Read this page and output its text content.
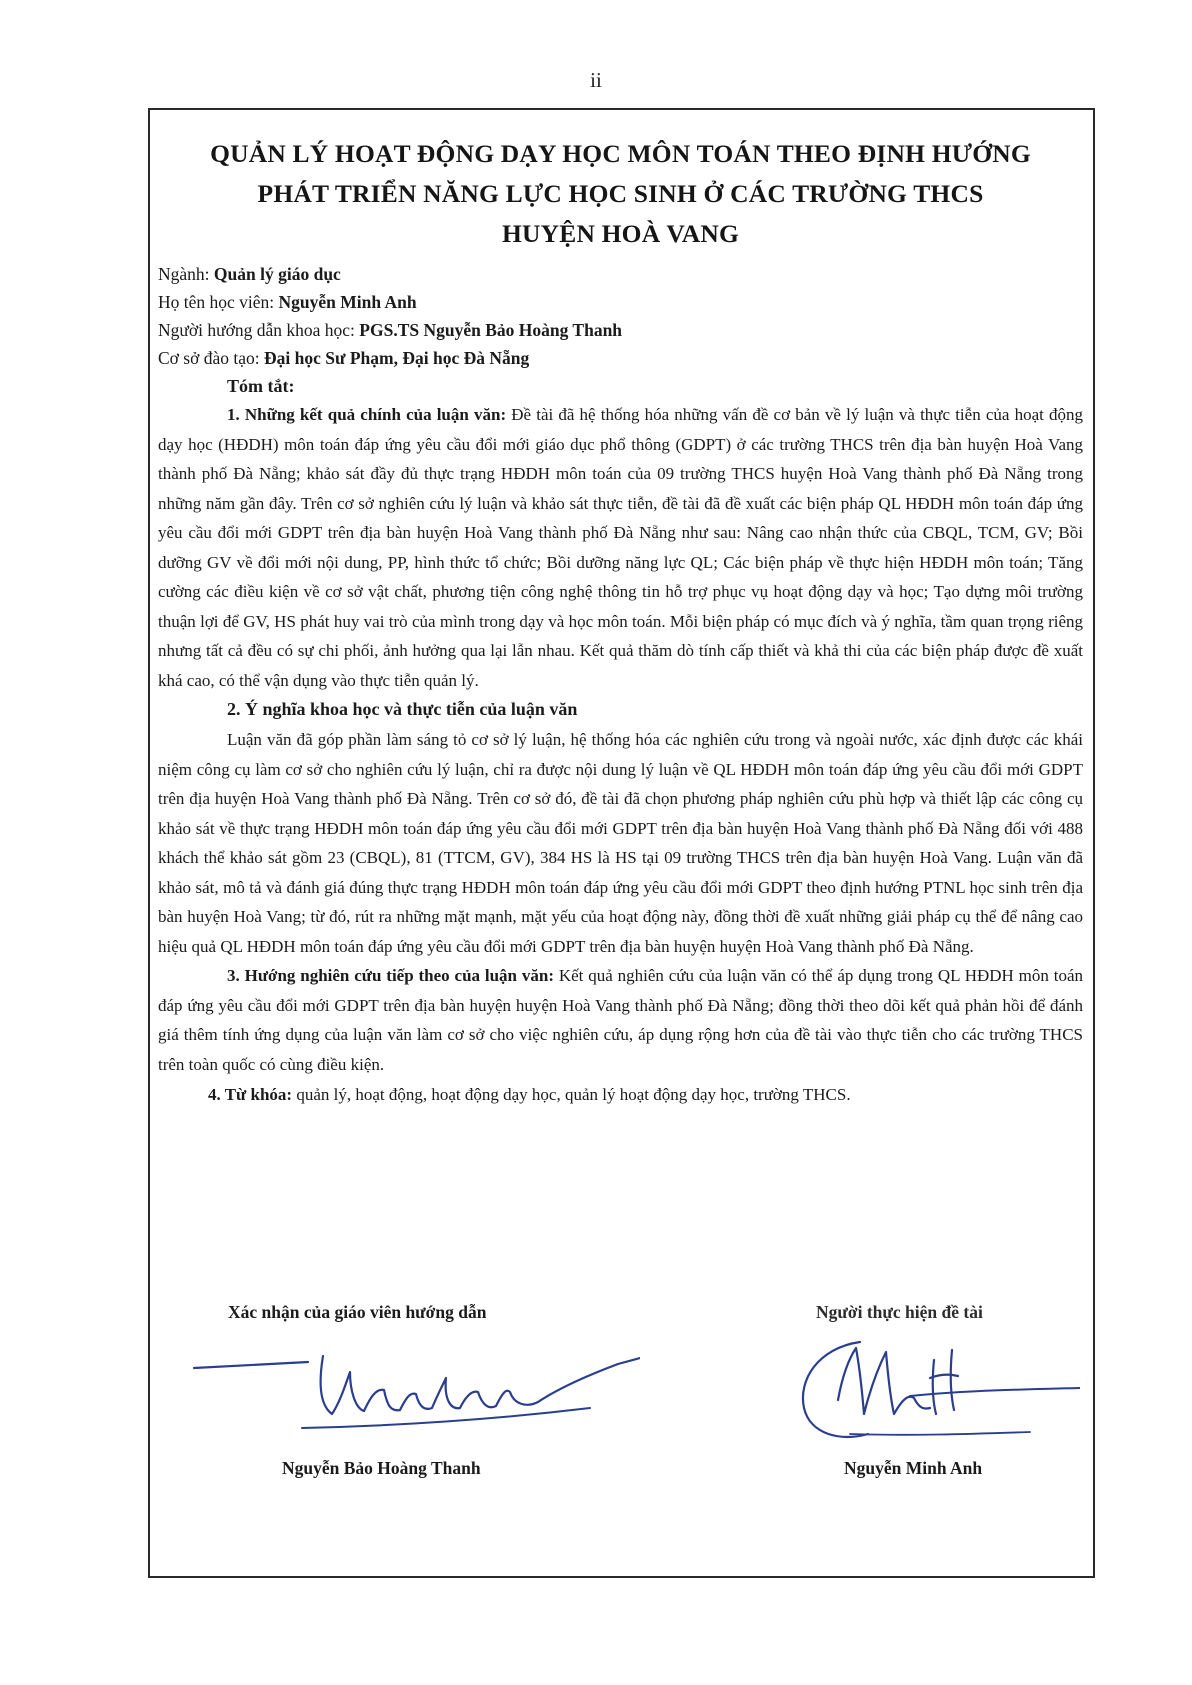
ii
QUẢN LÝ HOẠT ĐỘNG DẠY HỌC MÔN TOÁN THEO ĐỊNH HƯỚNG
PHÁT TRIỂN NĂNG LỰC HỌC SINH Ở CÁC TRƯỜNG THCS
HUYỆN HOÀ VANG
Ngành: Quản lý giáo dục
Họ tên học viên: Nguyễn Minh Anh
Người hướng dẫn khoa học: PGS.TS Nguyễn Bảo Hoàng Thanh
Cơ sở đào tạo: Đại học Sư Phạm, Đại học Đà Nẵng
Tóm tắt:

1. Những kết quả chính của luận văn: Đề tài đã hệ thống hóa những vấn đề cơ bản về lý luận và thực tiễn của hoạt động dạy học (HĐDH) môn toán đáp ứng yêu cầu đổi mới giáo dục phổ thông (GDPT) ở các trường THCS trên địa bàn huyện Hoà Vang thành phố Đà Nẵng; khảo sát đầy đủ thực trạng HĐDH môn toán của 09 trường THCS huyện Hoà Vang thành phố Đà Nẵng trong những năm gần đây. Trên cơ sở nghiên cứu lý luận và khảo sát thực tiễn, đề tài đã đề xuất các biện pháp QL HĐDH môn toán đáp ứng yêu cầu đổi mới GDPT trên địa bàn huyện Hoà Vang thành phố Đà Nẵng như sau: Nâng cao nhận thức của CBQL, TCM, GV; Bồi dưỡng GV về đổi mới nội dung, PP, hình thức tổ chức; Bồi dưỡng năng lực QL; Các biện pháp về thực hiện HĐDH môn toán; Tăng cường các điều kiện về cơ sở vật chất, phương tiện công nghệ thông tin hỗ trợ phục vụ hoạt động dạy và học; Tạo dựng môi trường thuận lợi để GV, HS phát huy vai trò của mình trong dạy và học môn toán. Mỗi biện pháp có mục đích và ý nghĩa, tầm quan trọng riêng nhưng tất cả đều có sự chi phối, ảnh hưởng qua lại lẫn nhau. Kết quả thăm dò tính cấp thiết và khả thi của các biện pháp được đề xuất khá cao, có thể vận dụng vào thực tiễn quản lý.

2. Ý nghĩa khoa học và thực tiễn của luận văn

Luận văn đã góp phần làm sáng tỏ cơ sở lý luận, hệ thống hóa các nghiên cứu trong và ngoài nước, xác định được các khái niệm công cụ làm cơ sở cho nghiên cứu lý luận, chỉ ra được nội dung lý luận về QL HĐDH môn toán đáp ứng yêu cầu đổi mới GDPT trên địa huyện Hoà Vang thành phố Đà Nẵng. Trên cơ sở đó, đề tài đã chọn phương pháp nghiên cứu phù hợp và thiết lập các công cụ khảo sát về thực trạng HĐDH môn toán đáp ứng yêu cầu đổi mới GDPT trên địa bàn huyện Hoà Vang thành phố Đà Nẵng đối với 488 khách thể khảo sát gồm 23 (CBQL), 81 (TTCM, GV), 384 HS là HS tại 09 trường THCS trên địa bàn huyện Hoà Vang. Luận văn đã khảo sát, mô tả và đánh giá đúng thực trạng HĐDH môn toán đáp ứng yêu cầu đổi mới GDPT theo định hướng PTNL học sinh trên địa bàn huyện Hoà Vang; từ đó, rút ra những mặt mạnh, mặt yếu của hoạt động này, đồng thời đề xuất những giải pháp cụ thể để nâng cao hiệu quả QL HĐDH môn toán đáp ứng yêu cầu đổi mới GDPT trên địa bàn huyện huyện Hoà Vang thành phố Đà Nẵng.

3. Hướng nghiên cứu tiếp theo của luận văn: Kết quả nghiên cứu của luận văn có thể áp dụng trong QL HĐDH môn toán đáp ứng yêu cầu đổi mới GDPT trên địa bàn huyện huyện Hoà Vang thành phố Đà Nẵng; đồng thời theo dõi kết quả phản hồi để đánh giá thêm tính ứng dụng của luận văn làm cơ sở cho việc nghiên cứu, áp dụng rộng hơn của đề tài vào thực tiễn cho các trường THCS trên toàn quốc có cùng điều kiện.

4. Từ khóa: quản lý, hoạt động, hoạt động dạy học, quản lý hoạt động dạy học, trường THCS.
Xác nhận của giáo viên hướng dẫn	Người thực hiện đề tài
Nguyễn Bảo Hoàng Thanh	Nguyễn Minh Anh
